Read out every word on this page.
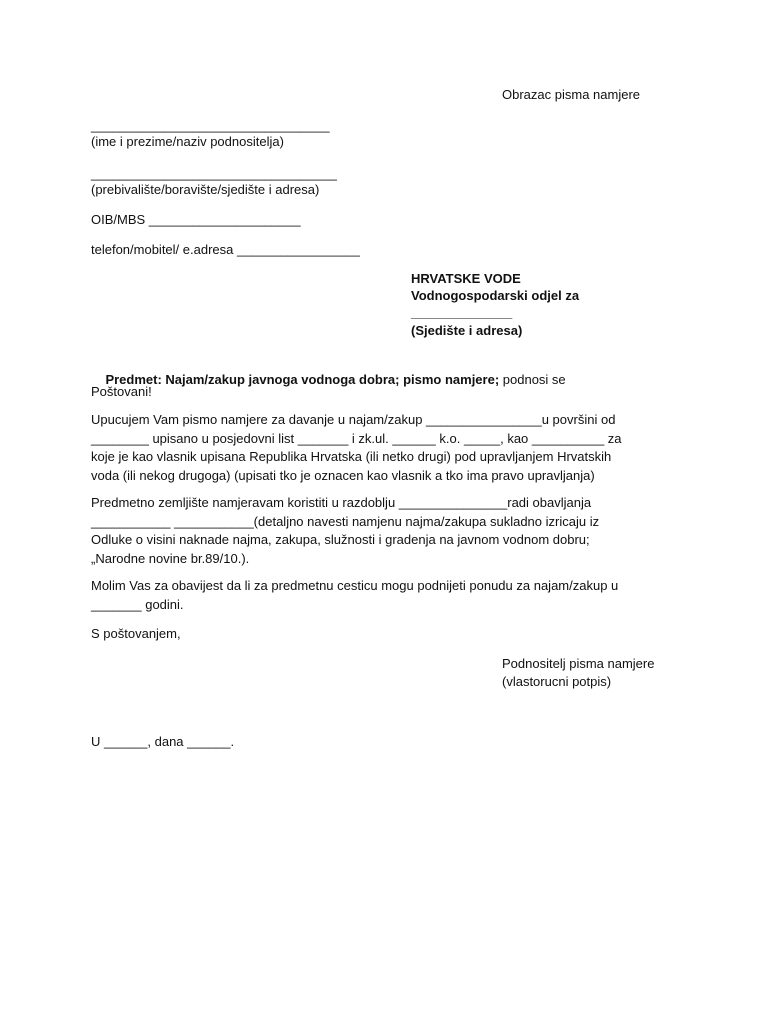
Obrazac pisma namjere
_________________________________
(ime i prezime/naziv podnositelja)
__________________________________
(prebivalište/boravište/sjedište i adresa)
OIB/MBS _____________________
telefon/mobitel/ e.adresa _________________
HRVATSKE VODE
Vodnogospodarski odjel za
______________
(Sjedište i adresa)

Predmet: Najam/zakup javnoga vodnoga dobra; pismo namjere; podnosi se

Poštovani!
Upucujem Vam pismo namjere za davanje u najam/zakup ________________u površini od
________ upisano u posjedovni list _______ i zk.ul. ______ k.o. _____, kao __________ za
koje je kao vlasnik upisana Republika Hrvatska (ili netko drugi) pod upravljanjem Hrvatskih
voda (ili nekog drugoga) (upisati tko je oznacen kao vlasnik a tko ima pravo upravljanja)
Predmetno zemljište namjeravam koristiti u razdoblju _______________radi obavljanja
___________ ___________(detaljno navesti namjenu najma/zakupa sukladno izricaju iz
Odluke o visini naknade najma, zakupa, služnosti i gradenja na javnom vodnom dobru;
„Narodne novine br.89/10.).
Molim Vas za obavijest da li za predmetnu cesticu mogu podnijeti ponudu za najam/zakup u
_______ godini.
S poštovanjem,
Podnositelj pisma namjere
(vlastorucni potpis)
U ______, dana ______.
